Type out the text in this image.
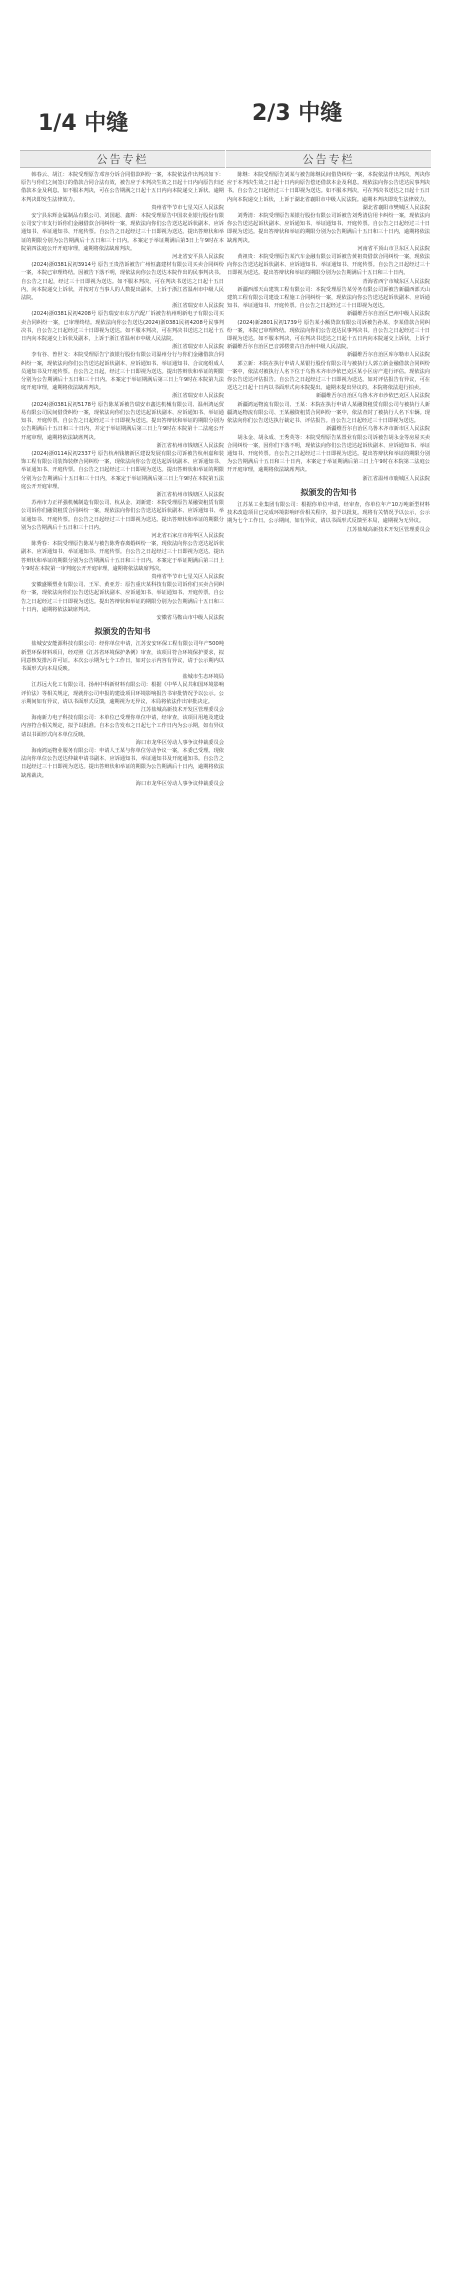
1/4 中缝	2/3 中缝
公告专栏

韩春云、胡江：本院受理原告邓容分诉合同借款纠纷一案，本院依法作出判决如下：原告与你们之间签订的借款合同合法有效，被告应于本判决生效之日起十日内向原告归还借款本金及利息。如不服本判决，可在公告期满之日起十五日内向本院递交上诉状。逾期本判决即发生法律效力。

贵州省毕节市七星关区人民法院

安宁县东辉金属制品有限公司、刘国超、鑫辉：本院受理原告中国农业银行股份有限公司安宁市支行诉你们金融借款合同纠纷一案，现依法向你们公告送达起诉状副本、应诉通知书、举证通知书、开庭传票。自公告之日起经过三十日即视为送达。提出答辩状和举证的期限分别为公告期满后十五日和三十日内。本案定于举证期满后第3日上午9时在本院第四法庭公开开庭审理，逾期将依法缺席判决。

河北省安平县人民法院

(2024)浙0381民初3914号 原告王贵浩诉被告广州恒鑫建材有限公司买卖合同纠纷一案，本院已审理终结。因被告下落不明，现依法向你公告送达本院作出的民事判决书。自公告之日起，经过三十日即视为送达。如不服本判决，可在判决书送达之日起十五日内，向本院递交上诉状，并按对方当事人的人数提出副本，上诉于浙江省温州市中级人民法院。

浙江省瑞安市人民法院

(2024)浙0381民初4208号 原告瑞安市东方汽配厂诉被告杭州明新电子有限公司买卖合同纠纷一案，已审理终结。现依法向你公告送达(2024)浙0381民初4208号民事判决书，自公告之日起经过三十日即视为送达。如不服本判决，可在判决书送达之日起十五日内向本院递交上诉状及副本，上诉于浙江省温州市中级人民法院。

浙江省瑞安市人民法院

李有谷、曾世文：本院受理原告宁波银行股份有限公司温州分行与你们金融借款合同纠纷一案，现依法向你们公告送达起诉状副本、应诉通知书、举证通知书、合议庭组成人员通知书及开庭传票。自公告之日起，经过三十日即视为送达。提出答辩状和举证的期限分别为公告期满后十五日和三十日内。本案定于举证期满后第三日上午9时在本院第九法庭开庭审理，逾期将依法缺席判决。

浙江省瑞安市人民法院

(2024)浙0381民初5178号 原告陈某诉被告瑞安市鑫达机械有限公司、温州鸿运贸易有限公司民间借贷纠纷一案，现依法向你们公告送达起诉状副本、应诉通知书、举证通知书、开庭传票。自公告之日起经过三十日即视为送达。提出答辩状和举证的期限分别为公告期满后十五日和三十日内，并定于举证期满后第三日上午9时在本院第十二法庭公开开庭审理，逾期将依法缺席判决。

浙江省杭州市钱塘区人民法院

(2024)浙0114民初2337号 原告杭州钱塘新区建设发展有限公司诉被告杭州嘉和装饰工程有限公司装饰装修合同纠纷一案，现依法向你公告送达起诉状副本、应诉通知书、举证通知书、开庭传票。自公告之日起经过三十日即视为送达。提出答辩状和举证的期限分别为公告期满后十五日和三十日内，本案定于举证期满后第三日上午9时在本院第五法庭公开开庭审理。

浙江省杭州市钱塘区人民法院

苏州市力正祥强机械制造有限公司、杭从金、刘新建：本院受理原告某融资租赁有限公司诉你们融资租赁合同纠纷一案，现依法向你们公告送达起诉状副本、应诉通知书、举证通知书、开庭传票。自公告之日起经过三十日即视为送达。提出答辩状和举证的期限分别为公告期满后十五日和三十日内。

河北省石家庄市裕华区人民法院

陈秀春：本院受理原告陈某与被告陈秀春离婚纠纷一案，现依法向你公告送达起诉状副本、应诉通知书、举证通知书、开庭传票。自公告之日起经过三十日即视为送达。提出答辩状和举证的期限分别为公告期满后十五日和三十日内。本案定于举证期满后第三日上午9时在本院第一审判庭公开开庭审理，逾期将依法缺席判决。

贵州省毕节市七星关区人民法院

安徽盛顺塑业有限公司、王军、黄亚芳：原告重庆某科技有限公司诉你们买卖合同纠纷一案，现依法向你们公告送达起诉状副本、应诉通知书、举证通知书、开庭传票。自公告之日起经过三十日即视为送达。提出答辩状和举证的期限分别为公告期满后十五日和三十日内，逾期将依法缺席判决。

安徽省马鞍山市中级人民法院

拟颁发的告知书

盐城安安能源科技有限公司：经你单位申请，江苏安安环保工程有限公司年产500吨新型环保材料项目，经对照《江苏省环境保护条例》审查，该项目符合环境保护要求，拟同意核发排污许可证。本次公示期为七个工作日，如对公示内容有异议，请于公示期内以书面形式向本局反映。

盐城市生态环境局

江苏远大化工有限公司、扬州中科新材料有限公司：根据《中华人民共和国环境影响评价法》等相关规定，现就你公司申报的建设项目环境影响报告书审批情况予以公示。公示期间如有异议，请以书面形式反馈，逾期视为无异议，本局将依法作出审批决定。

江苏盐城高新技术开发区管理委员会

海南新力电子科技有限公司：本单位已受理你单位申请，经审查，该项目用地及建设内容符合相关规定，拟予以批准。自本公告发布之日起七个工作日内为公示期，如有异议请以书面形式向本单位反映。

海口市龙华区劳动人事争议仲裁委员会

海南鸿运物业服务有限公司：申请人王某与你单位劳动争议一案，本委已受理。现依法向你单位公告送达仲裁申请书副本、应诉通知书、举证通知书及开庭通知书。自公告之日起经过三十日即视为送达。提出答辩状和举证的期限为公告期满后十日内，逾期将依法缺席裁决。

海口市龙华区劳动人事争议仲裁委员会

公告专栏

陈继：本院受理原告刘某与被告陈继民间借贷纠纷一案，本院依法作出判决，判决你应于本判决生效之日起十日内向原告偿还借款本金及利息。现依法向你公告送达民事判决书。自公告之日起经过三十日即视为送达。如不服本判决，可在判决书送达之日起十五日内向本院递交上诉状，上诉于湖北省襄阳市中级人民法院。逾期本判决即发生法律效力。

湖北省襄阳市樊城区人民法院

刘秀清：本院受理原告某银行股份有限公司诉被告刘秀清信用卡纠纷一案，现依法向你公告送达起诉状副本、应诉通知书、举证通知书、开庭传票。自公告之日起经过三十日即视为送达。提出答辩状和举证的期限分别为公告期满后十五日和三十日内，逾期将依法缺席判决。

河南省平顶山市卫东区人民法院

黄祖贵：本院受理原告某汽车金融有限公司诉被告黄祖贵借款合同纠纷一案，现依法向你公告送达起诉状副本、应诉通知书、举证通知书、开庭传票。自公告之日起经过三十日即视为送达。提出答辩状和举证的期限分别为公告期满后十五日和三十日内。

青海省西宁市城东区人民法院

新疆西部天山建筑工程有限公司：本院受理原告某劳务有限公司诉被告新疆西部天山建筑工程有限公司建设工程施工合同纠纷一案，现依法向你公告送达起诉状副本、应诉通知书、举证通知书、开庭传票。自公告之日起经过三十日即视为送达。

新疆维吾尔自治区巴州中级人民法院

(2024)新2801民初1739号 原告某小额贷款有限公司诉被告孙某、李某借款合同纠纷一案，本院已审理终结。现依法向你们公告送达民事判决书。自公告之日起经过三十日即视为送达。如不服本判决，可在判决书送达之日起十五日内向本院递交上诉状，上诉于新疆维吾尔自治区巴音郭楞蒙古自治州中级人民法院。

新疆维吾尔自治区库尔勒市人民法院

郭立新：本院在执行申请人某银行股份有限公司与被执行人郭立新金融借款合同纠纷一案中，依法对被执行人名下位于乌鲁木齐市沙依巴克区某小区房产进行评估。现依法向你公告送达评估报告。自公告之日起经过三十日即视为送达。如对评估报告有异议，可在送达之日起十日内以书面形式向本院提出。逾期未提出异议的，本院将依法进行拍卖。

新疆维吾尔自治区乌鲁木齐市沙依巴克区人民法院

新疆鸿运物流有限公司、王某：本院在执行申请人某融资租赁有限公司与被执行人新疆鸿运物流有限公司、王某融资租赁合同纠纷一案中，依法查封了被执行人名下车辆。现依法向你们公告送达执行裁定书、评估报告。自公告之日起经过三十日即视为送达。

新疆维吾尔自治区乌鲁木齐市新市区人民法院

胡永金、胡永成、王秀英等：本院受理原告某置业有限公司诉被告胡永金等房屋买卖合同纠纷一案，因你们下落不明，现依法向你们公告送达起诉状副本、应诉通知书、举证通知书、开庭传票。自公告之日起经过三十日即视为送达。提出答辩状和举证的期限分别为公告期满后十五日和三十日内，本案定于举证期满后第三日上午9时在本院第二法庭公开开庭审理，逾期将依法缺席判决。

浙江省温州市鹿城区人民法院

拟颁发的告知书

江苏某工业集团有限公司：根据你单位申请，经审查，你单位年产10万吨新型材料技术改造项目已完成环境影响评价相关程序，拟予以批复。现将有关情况予以公示，公示期为七个工作日。公示期间，如有异议，请以书面形式反馈至本局，逾期视为无异议。

江苏盐城高新技术开发区管理委员会
